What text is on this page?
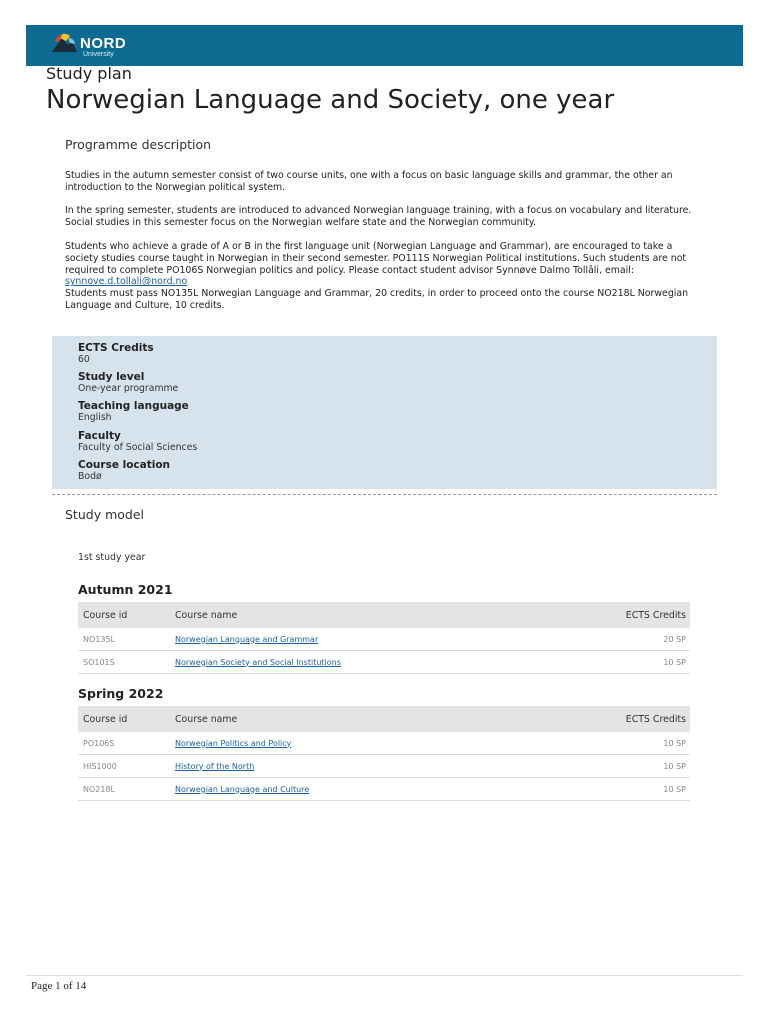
NORD
University
Study plan
Norwegian Language and Society, one year
Programme description
Studies in the autumn semester consist of two course units, one with a focus on basic language skills and grammar, the other an introduction to the Norwegian political system.
In the spring semester, students are introduced to advanced Norwegian language training, with a focus on vocabulary and literature. Social studies in this semester focus on the Norwegian welfare state and the Norwegian community.
Students who achieve a grade of A or B in the first language unit (Norwegian Language and Grammar), are encouraged to take a society studies course taught in Norwegian in their second semester. PO111S Norwegian Political institutions. Such students are not required to complete PO106S Norwegian politics and policy. Please contact student advisor Synnøve Dalmo Tollâli, email: synnove.d.tollali@nord.no
Students must pass NO135L Norwegian Language and Grammar, 20 credits, in order to proceed onto the course NO218L Norwegian Language and Culture, 10 credits.
ECTS Credits
60
Study level
One-year programme
Teaching language
English
Faculty
Faculty of Social Sciences
Course location
Bodø
Study model
1st study year
Autumn 2021
Course id	Course name	ECTS Credits
NO135L	Norwegian Language and Grammar	20 SP
SO101S	Norwegian Society and Social Institutions	10 SP
Spring 2022
Course id	Course name	ECTS Credits
PO106S	Norwegian Politics and Policy	10 SP
HIS1000	History of the North	10 SP
NO218L	Norwegian Language and Culture	10 SP
Page 1 of 14
